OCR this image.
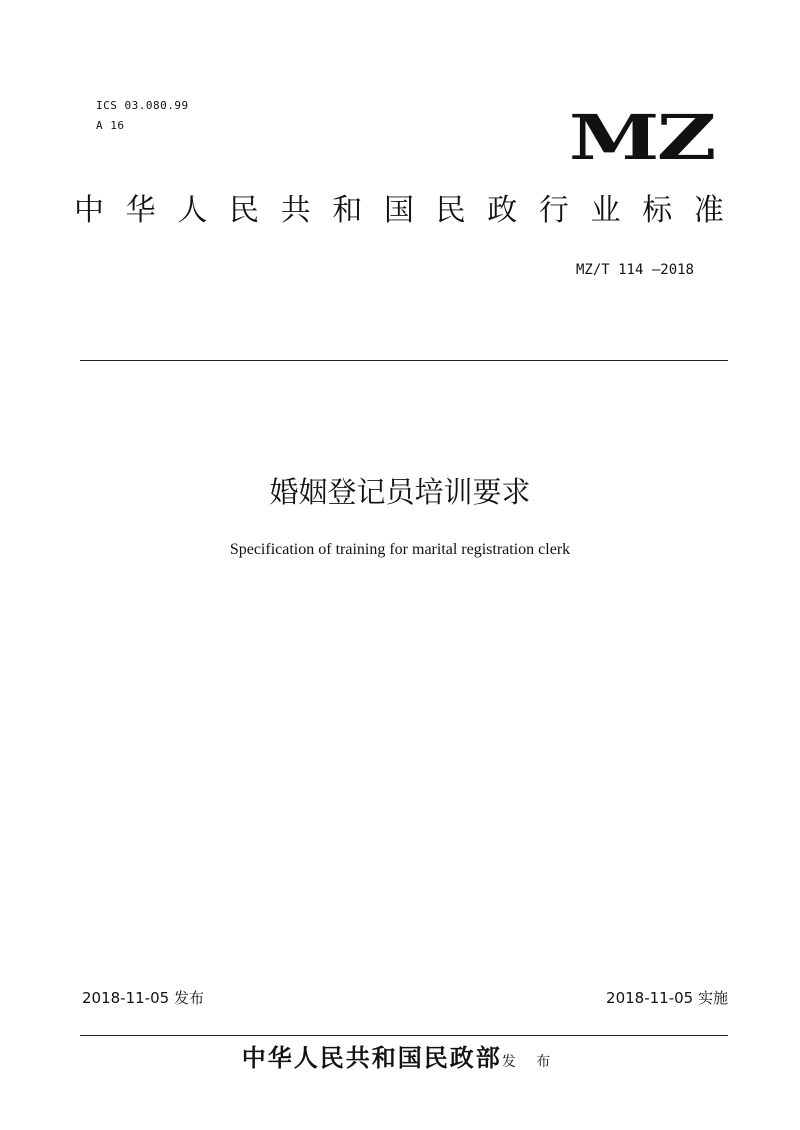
ICS 03.080.99
A 16	MZ
中 华 人 民 共 和 国 民 政 行 业 标 准
MZ/T 114 —2018
婚姻登记员培训要求
Specification of training for marital registration clerk
2018-11-05 发布	2018-11-05 实施
中华人民共和国民政部发 布
